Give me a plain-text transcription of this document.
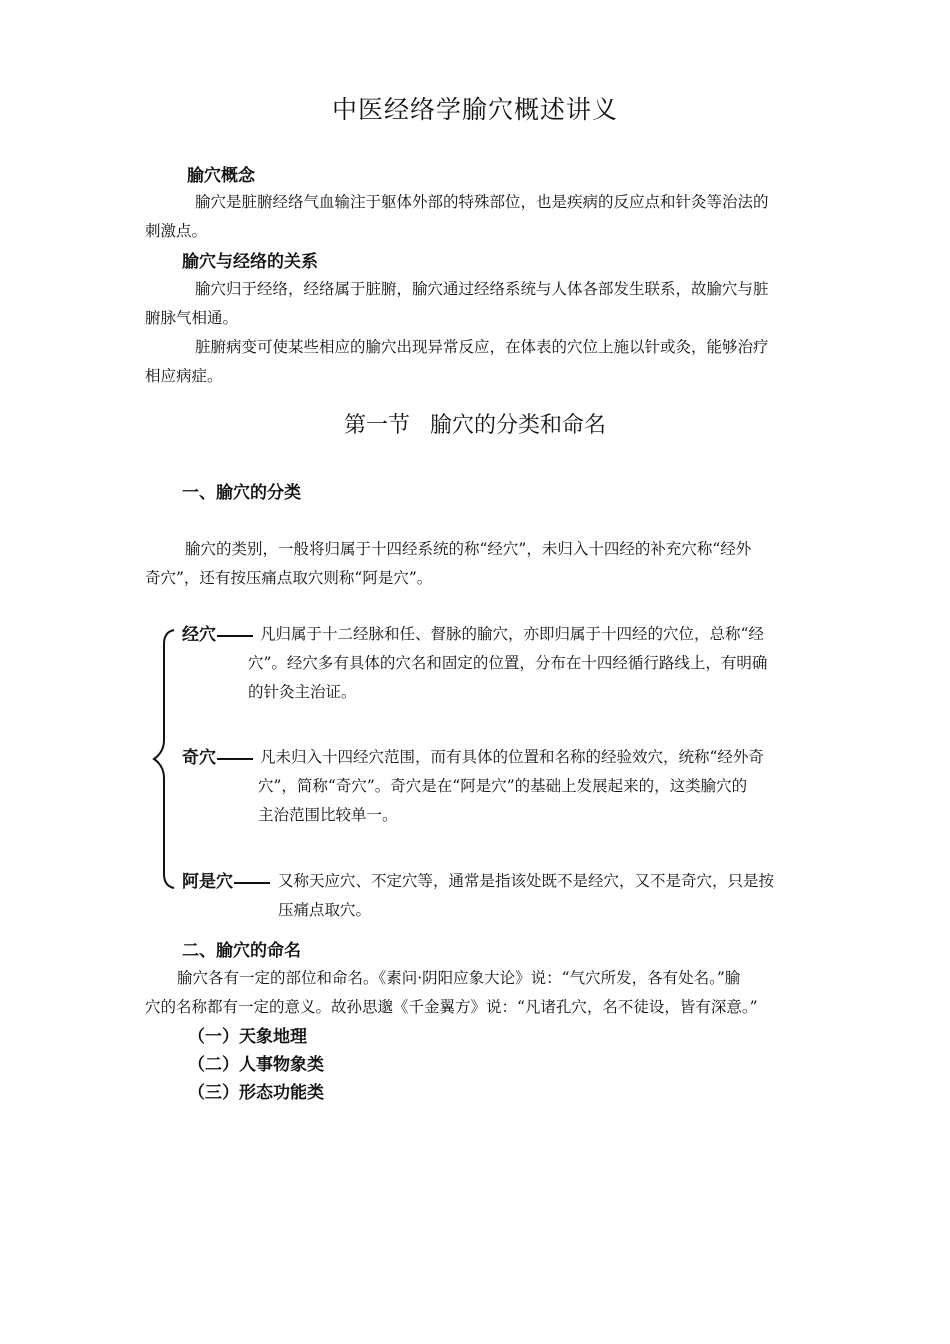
中医经络学腧穴概述讲义
腧穴概念
腧穴是脏腑经络气血输注于躯体外部的特殊部位，也是疾病的反应点和针灸等治法的
刺激点。
腧穴与经络的关系
腧穴归于经络，经络属于脏腑，腧穴通过经络系统与人体各部发生联系，故腧穴与脏
腑脉气相通。
脏腑病变可使某些相应的腧穴出现异常反应，在体表的穴位上施以针或灸，能够治疗
相应病症。
第一节 腧穴的分类和命名
一、腧穴的分类
腧穴的类别，一般将归属于十四经系统的称“经穴”，未归入十四经的补充穴称“经外
奇穴”，还有按压痛点取穴则称“阿是穴”。
经穴	凡归属于十二经脉和任、督脉的腧穴，亦即归属于十四经的穴位，总称“经
穴”。经穴多有具体的穴名和固定的位置，分布在十四经循行路线上，有明确
的针灸主治证。
奇穴	凡未归入十四经穴范围，而有具体的位置和名称的经验效穴，统称“经外奇
穴”，简称“奇穴”。奇穴是在“阿是穴”的基础上发展起来的，这类腧穴的
主治范围比较单一。
阿是穴	又称天应穴、不定穴等，通常是指该处既不是经穴，又不是奇穴，只是按
压痛点取穴。
二、腧穴的命名
腧穴各有一定的部位和命名。《素问·阴阳应象大论》说：“气穴所发，各有处名。”腧
穴的名称都有一定的意义。故孙思邈《千金翼方》说：“凡诸孔穴，名不徒设，皆有深意。”
（一）天象地理
（二）人事物象类
（三）形态功能类
